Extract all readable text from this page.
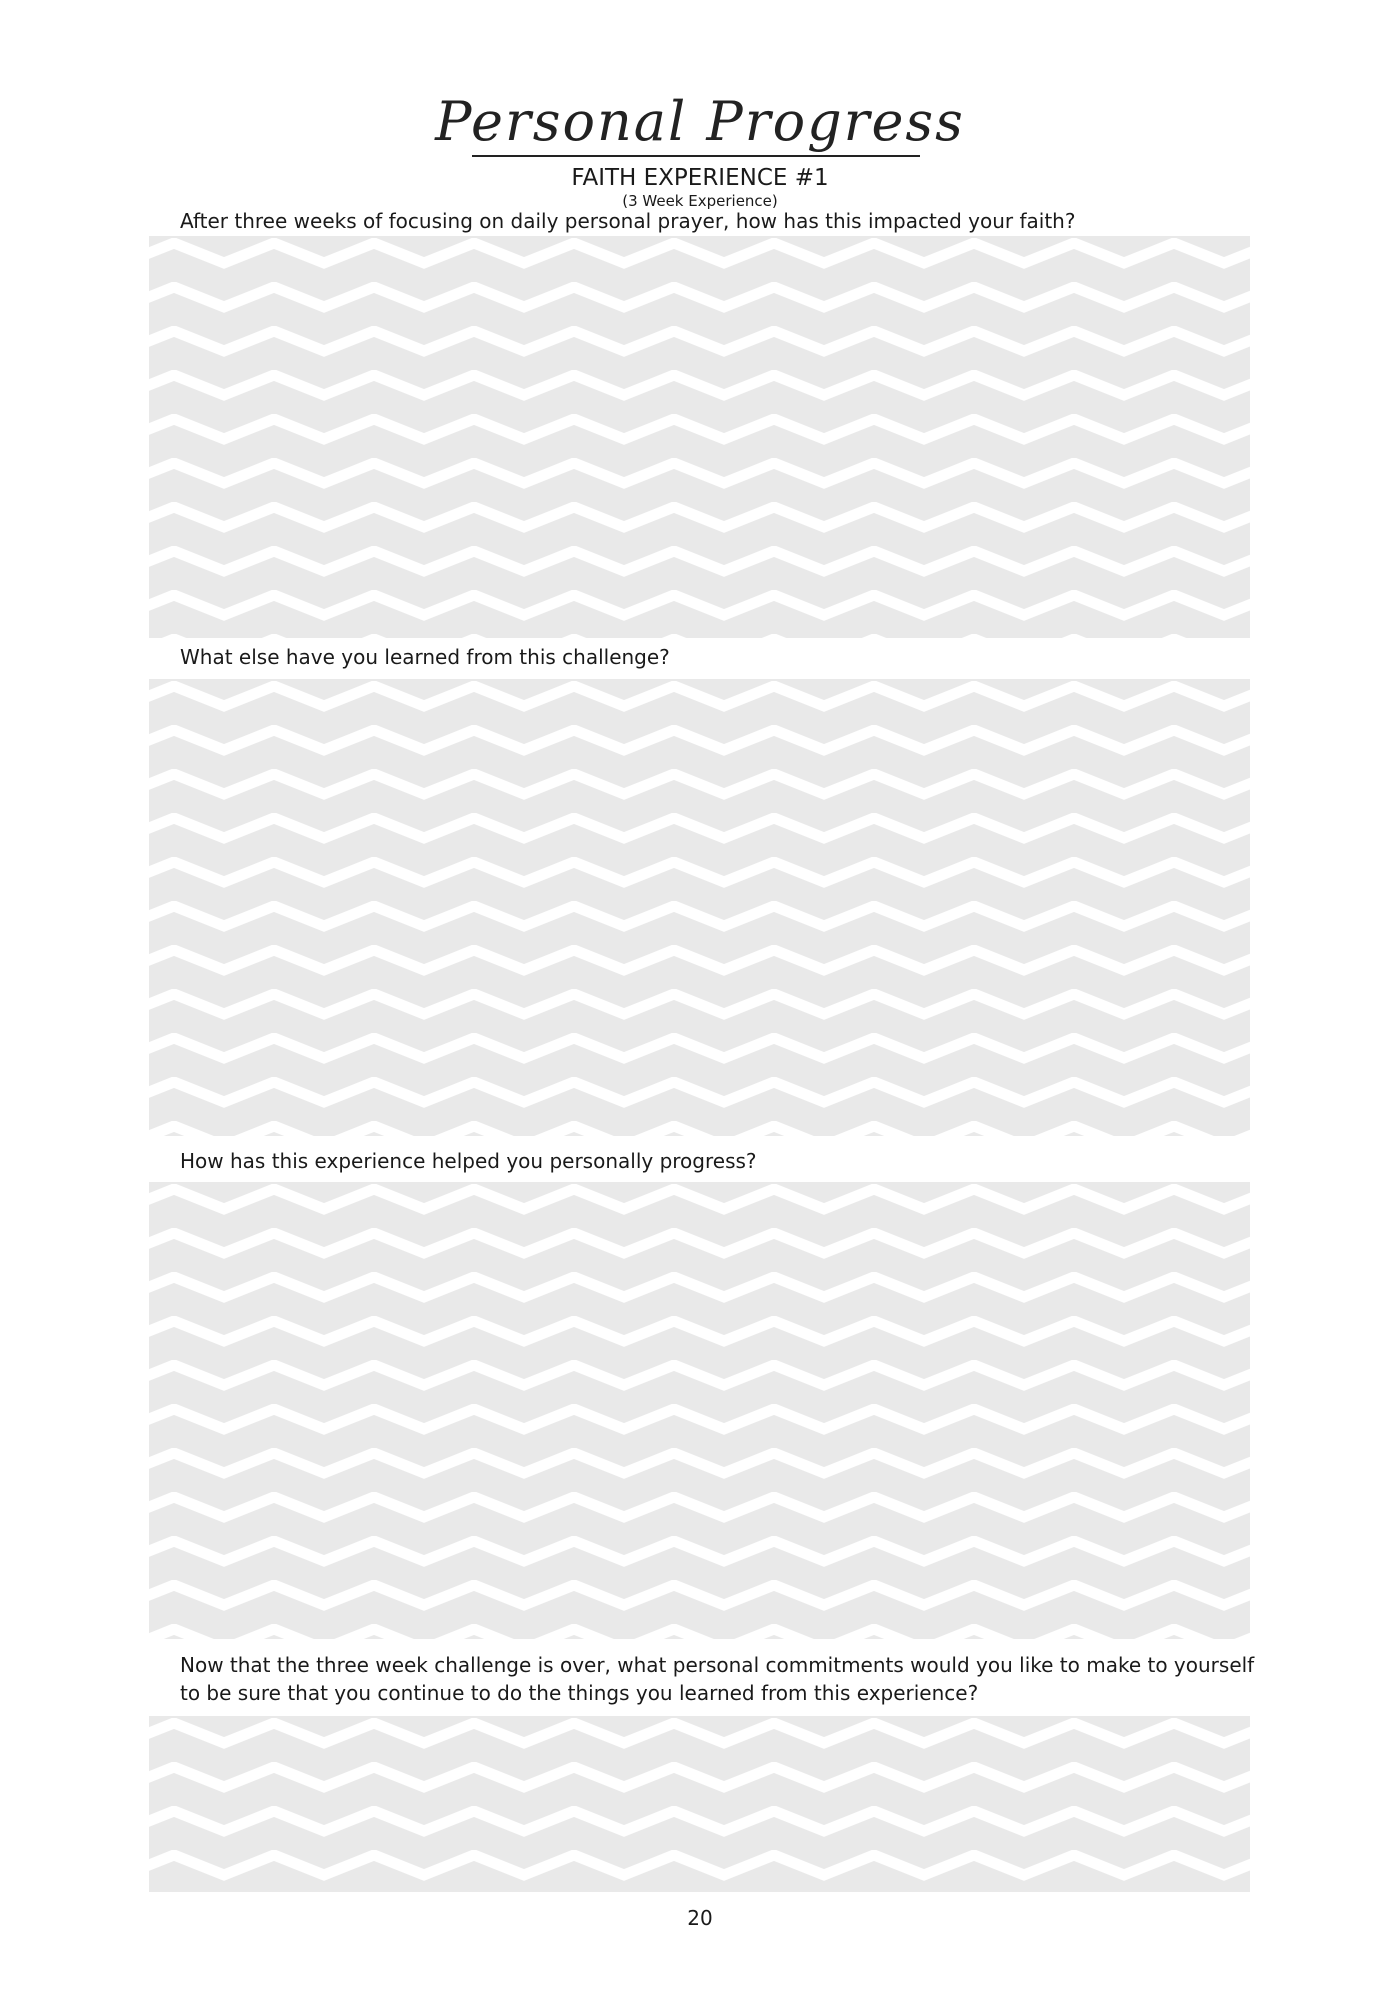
Personal Progress
FAITH EXPERIENCE #1
(3 Week Experience)
After three weeks of focusing on daily personal prayer, how has this impacted your faith?
What else have you learned from this challenge?
How has this experience helped you personally progress?
Now that the three week challenge is over, what personal commitments would you like to make to yourself to be sure that you continue to do the things you learned from this experience?
20
